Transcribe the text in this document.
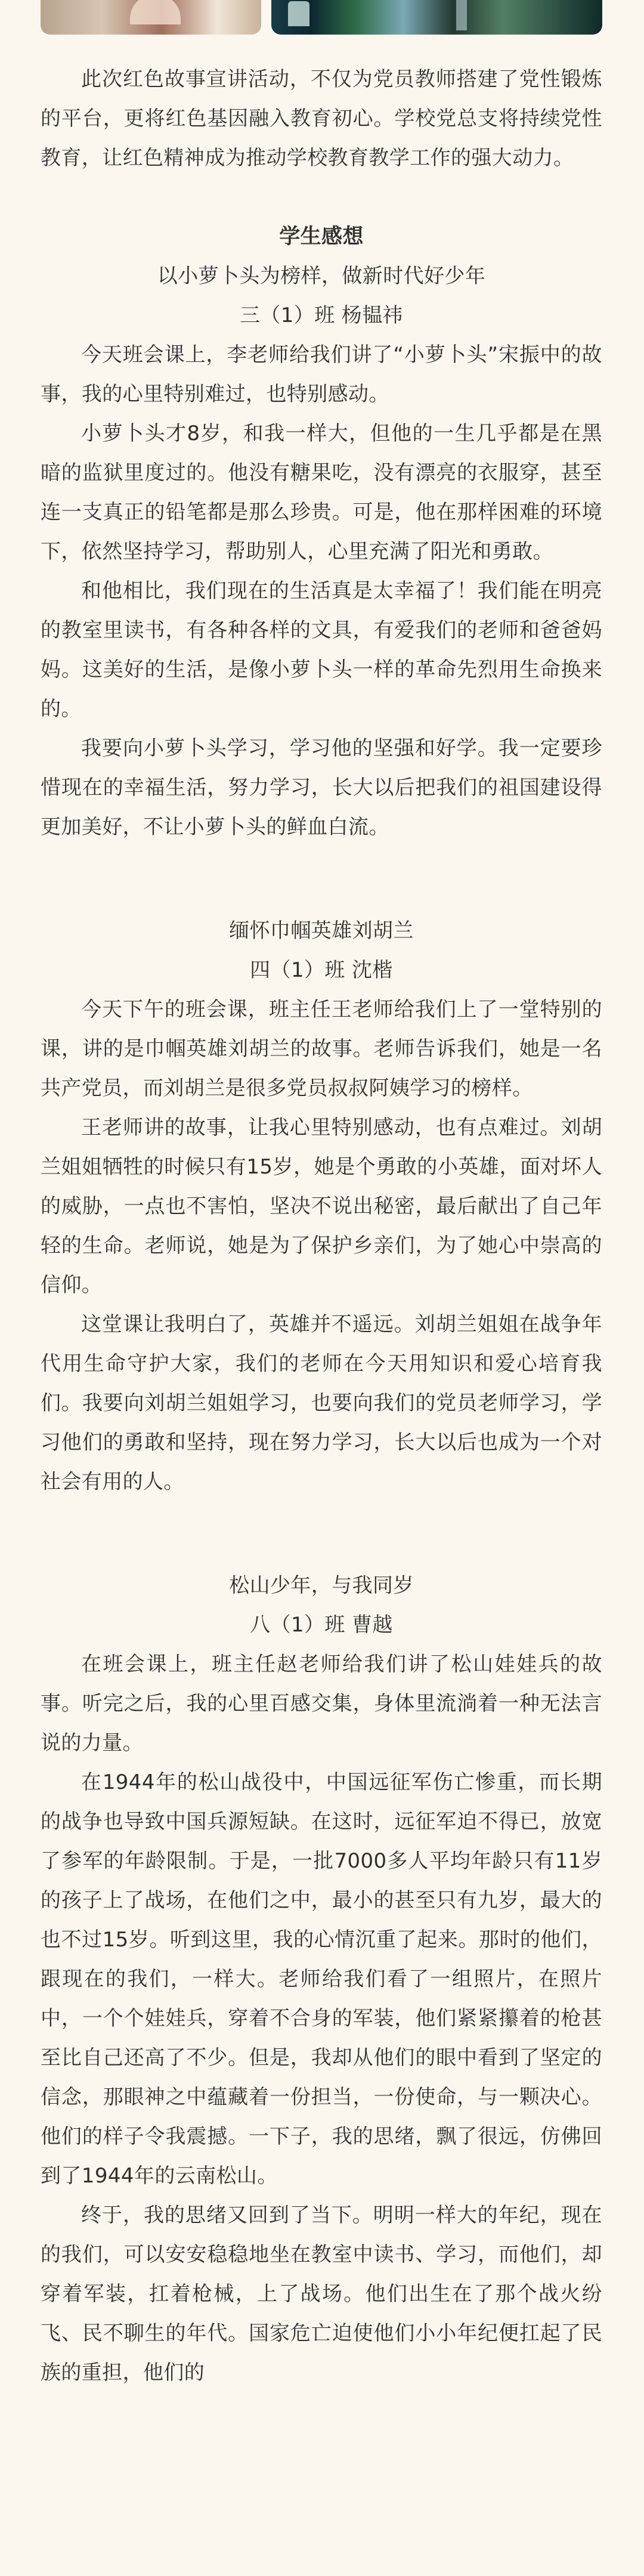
此次红色故事宣讲活动，不仅为党员教师搭建了党性锻炼的平台，更将红色基因融入教育初心。学校党总支将持续党性教育，让红色精神成为推动学校教育教学工作的强大动力。

学生感想
以小萝卜头为榜样，做新时代好少年
三（1）班 杨韫祎

今天班会课上，李老师给我们讲了“小萝卜头”宋振中的故事，我的心里特别难过，也特别感动。

小萝卜头才8岁，和我一样大，但他的一生几乎都是在黑暗的监狱里度过的。他没有糖果吃，没有漂亮的衣服穿，甚至连一支真正的铅笔都是那么珍贵。可是，他在那样困难的环境下，依然坚持学习，帮助别人，心里充满了阳光和勇敢。

和他相比，我们现在的生活真是太幸福了！我们能在明亮的教室里读书，有各种各样的文具，有爱我们的老师和爸爸妈妈。这美好的生活，是像小萝卜头一样的革命先烈用生命换来的。

我要向小萝卜头学习，学习他的坚强和好学。我一定要珍惜现在的幸福生活，努力学习，长大以后把我们的祖国建设得更加美好，不让小萝卜头的鲜血白流。

缅怀巾帼英雄刘胡兰
四（1）班 沈楷

今天下午的班会课，班主任王老师给我们上了一堂特别的课，讲的是巾帼英雄刘胡兰的故事。老师告诉我们，她是一名共产党员，而刘胡兰是很多党员叔叔阿姨学习的榜样。

王老师讲的故事，让我心里特别感动，也有点难过。刘胡兰姐姐牺牲的时候只有15岁，她是个勇敢的小英雄，面对坏人的威胁，一点也不害怕，坚决不说出秘密，最后献出了自己年轻的生命。老师说，她是为了保护乡亲们，为了她心中崇高的信仰。

这堂课让我明白了，英雄并不遥远。刘胡兰姐姐在战争年代用生命守护大家，我们的老师在今天用知识和爱心培育我们。我要向刘胡兰姐姐学习，也要向我们的党员老师学习，学习他们的勇敢和坚持，现在努力学习，长大以后也成为一个对社会有用的人。

松山少年，与我同岁
八（1）班 曹越

在班会课上，班主任赵老师给我们讲了松山娃娃兵的故事。听完之后，我的心里百感交集，身体里流淌着一种无法言说的力量。

在1944年的松山战役中，中国远征军伤亡惨重，而长期的战争也导致中国兵源短缺。在这时，远征军迫不得已，放宽了参军的年龄限制。于是，一批7000多人平均年龄只有11岁的孩子上了战场，在他们之中，最小的甚至只有九岁，最大的也不过15岁。听到这里，我的心情沉重了起来。那时的他们，跟现在的我们，一样大。老师给我们看了一组照片，在照片中，一个个娃娃兵，穿着不合身的军装，他们紧紧攥着的枪甚至比自己还高了不少。但是，我却从他们的眼中看到了坚定的信念，那眼神之中蕴藏着一份担当，一份使命，与一颗决心。他们的样子令我震撼。一下子，我的思绪，飘了很远，仿佛回到了1944年的云南松山。

终于，我的思绪又回到了当下。明明一样大的年纪，现在的我们，可以安安稳稳地坐在教室中读书、学习，而他们，却穿着军装，扛着枪械，上了战场。他们出生在了那个战火纷飞、民不聊生的年代。国家危亡迫使他们小小年纪便扛起了民族的重担，他们的
